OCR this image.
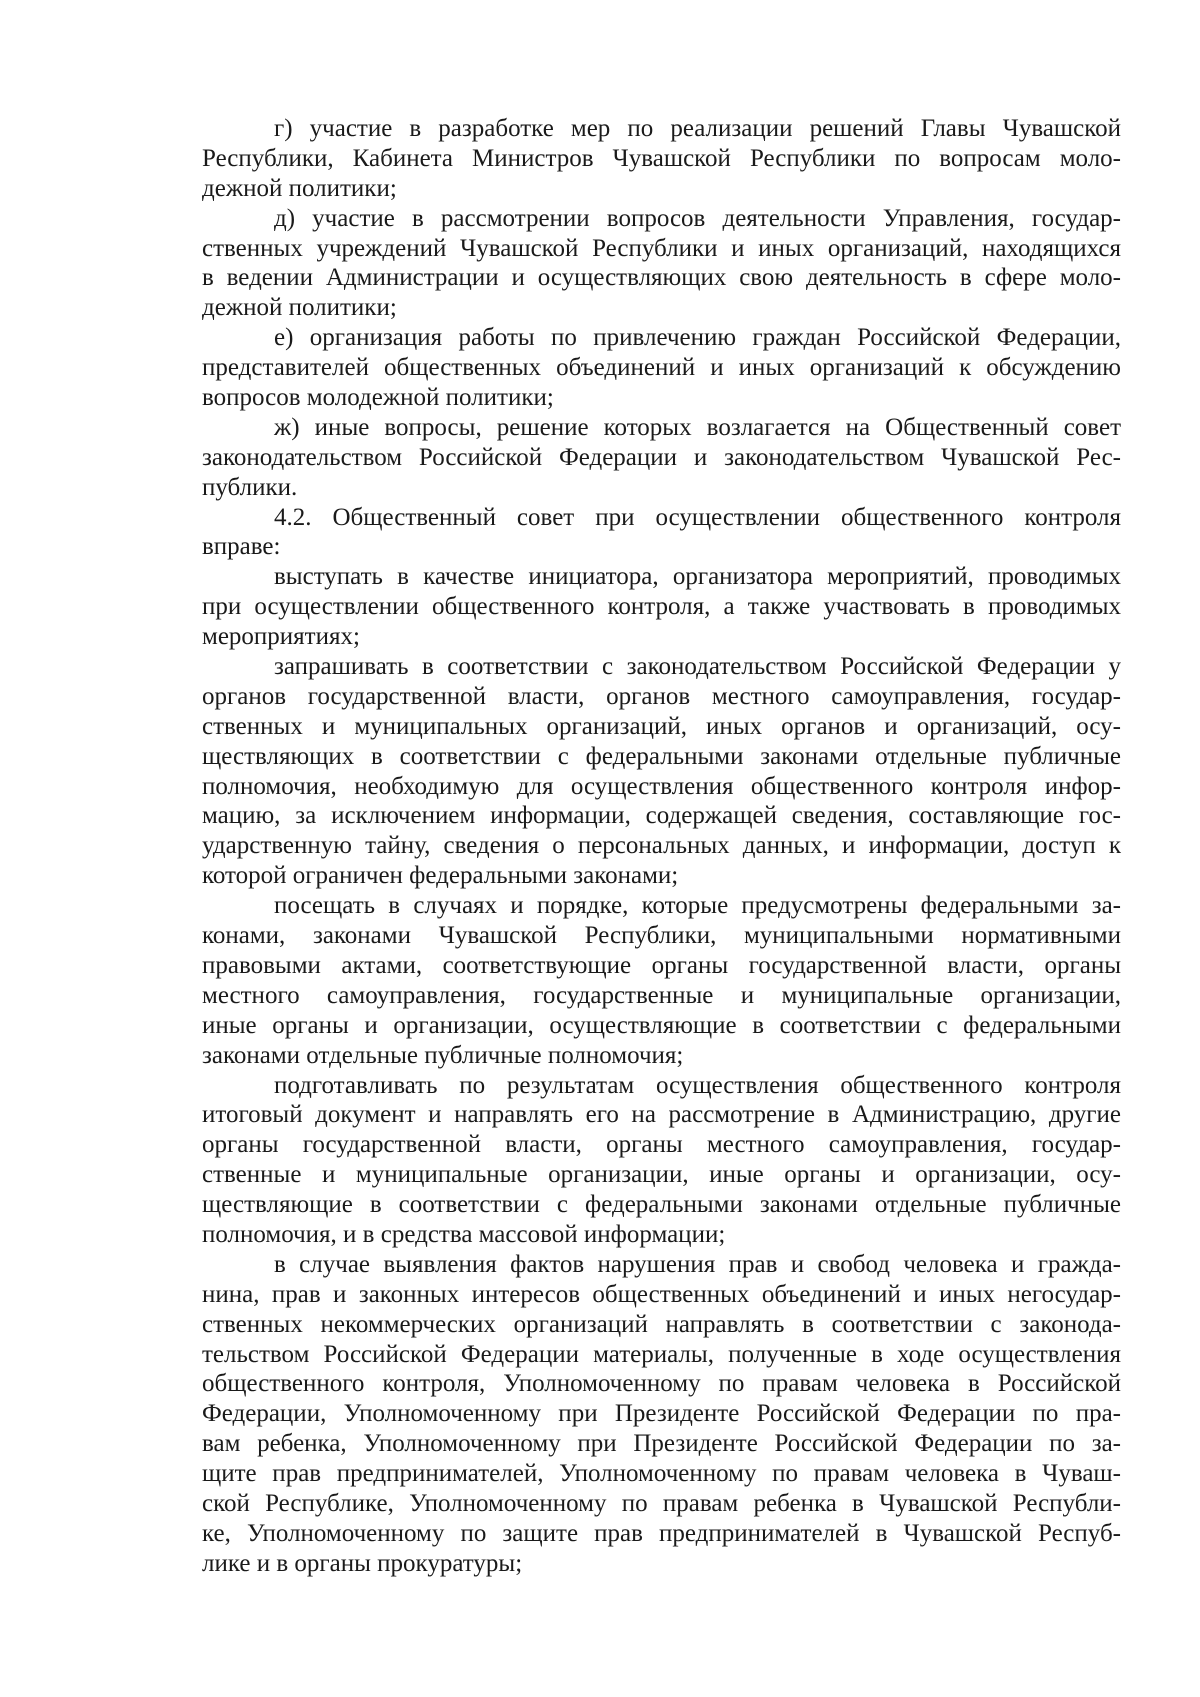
г) участие в разработке мер по реализации решений Главы Чувашской
Республики, Кабинета Министров Чувашской Республики по вопросам моло-
дежной политики;
д) участие в рассмотрении вопросов деятельности Управления, государ-
ственных учреждений Чувашской Республики и иных организаций, находящихся
в ведении Администрации и осуществляющих свою деятельность в сфере моло-
дежной политики;
е) организация работы по привлечению граждан Российской Федерации,
представителей общественных объединений и иных организаций к обсуждению
вопросов молодежной политики;
ж) иные вопросы, решение которых возлагается на Общественный совет
законодательством Российской Федерации и законодательством Чувашской Рес-
публики.
4.2. Общественный совет при осуществлении общественного контроля
вправе:
выступать в качестве инициатора, организатора мероприятий, проводимых
при осуществлении общественного контроля, а также участвовать в проводимых
мероприятиях;
запрашивать в соответствии с законодательством Российской Федерации у
органов государственной власти, органов местного самоуправления, государ-
ственных и муниципальных организаций, иных органов и организаций, осу-
ществляющих в соответствии с федеральными законами отдельные публичные
полномочия, необходимую для осуществления общественного контроля инфор-
мацию, за исключением информации, содержащей сведения, составляющие гос-
ударственную тайну, сведения о персональных данных, и информации, доступ к
которой ограничен федеральными законами;
посещать в случаях и порядке, которые предусмотрены федеральными за-
конами, законами Чувашской Республики, муниципальными нормативными
правовыми актами, соответствующие органы государственной власти, органы
местного самоуправления, государственные и муниципальные организации,
иные органы и организации, осуществляющие в соответствии с федеральными
законами отдельные публичные полномочия;
подготавливать по результатам осуществления общественного контроля
итоговый документ и направлять его на рассмотрение в Администрацию, другие
органы государственной власти, органы местного самоуправления, государ-
ственные и муниципальные организации, иные органы и организации, осу-
ществляющие в соответствии с федеральными законами отдельные публичные
полномочия, и в средства массовой информации;
в случае выявления фактов нарушения прав и свобод человека и гражда-
нина, прав и законных интересов общественных объединений и иных негосудар-
ственных некоммерческих организаций направлять в соответствии с законода-
тельством Российской Федерации материалы, полученные в ходе осуществления
общественного контроля, Уполномоченному по правам человека в Российской
Федерации, Уполномоченному при Президенте Российской Федерации по пра-
вам ребенка, Уполномоченному при Президенте Российской Федерации по за-
щите прав предпринимателей, Уполномоченному по правам человека в Чуваш-
ской Республике, Уполномоченному по правам ребенка в Чувашской Республи-
ке, Уполномоченному по защите прав предпринимателей в Чувашской Респуб-
лике и в органы прокуратуры;
